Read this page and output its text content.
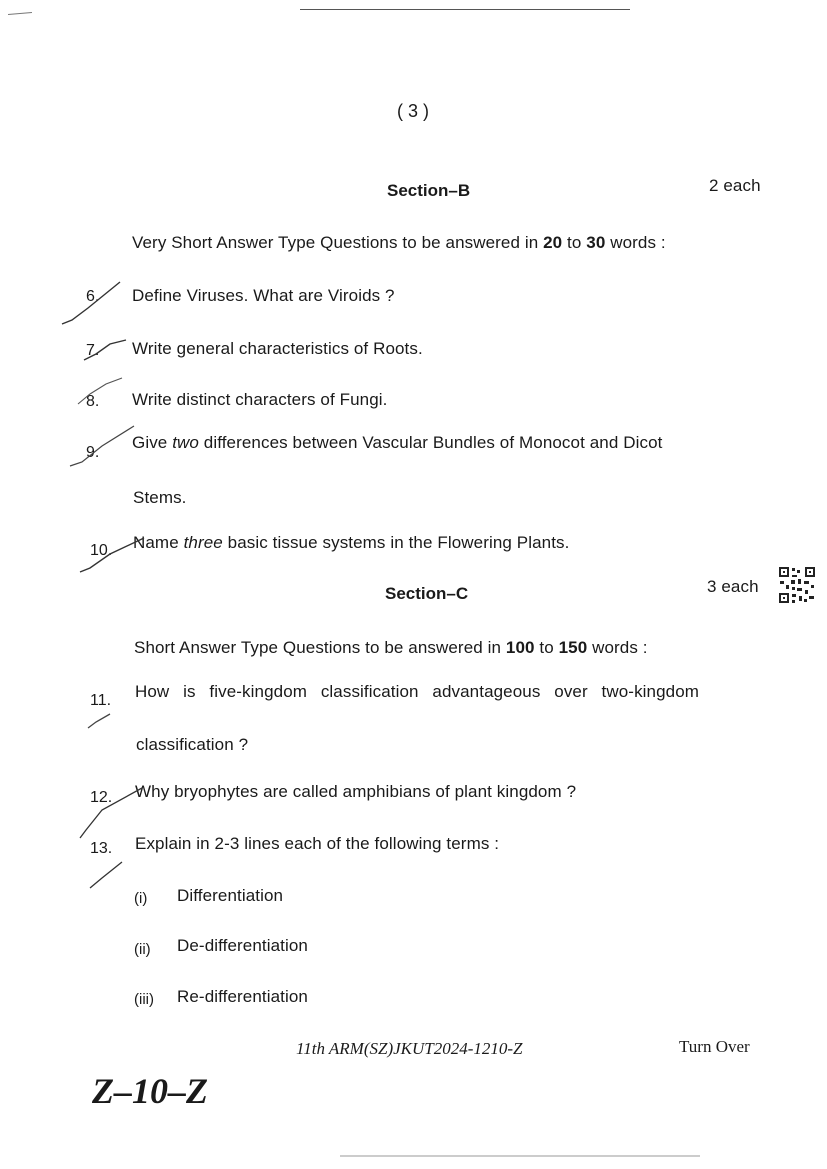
( 3 )
Section–B	2 each
Very Short Answer Type Questions to be answered in 20 to 30 words :
6. Define Viruses. What are Viroids ?
7. Write general characteristics of Roots.
8. Write distinct characters of Fungi.
9.
Give two differences between Vascular Bundles of Monocot and Dicot
Stems.
10. Name three basic tissue systems in the Flowering Plants.
Section–C	3 each
Short Answer Type Questions to be answered in 100 to 150 words :
11. How is five-kingdom classification advantageous over two-kingdom
classification ?
12. Why bryophytes are called amphibians of plant kingdom ?
13. Explain in 2-3 lines each of the following terms :
(i) Differentiation
(ii) De-differentiation
(iii) Re-differentiation
11th ARM(SZ)JKUT2024-1210-Z	Turn Over
Z–10–Z
